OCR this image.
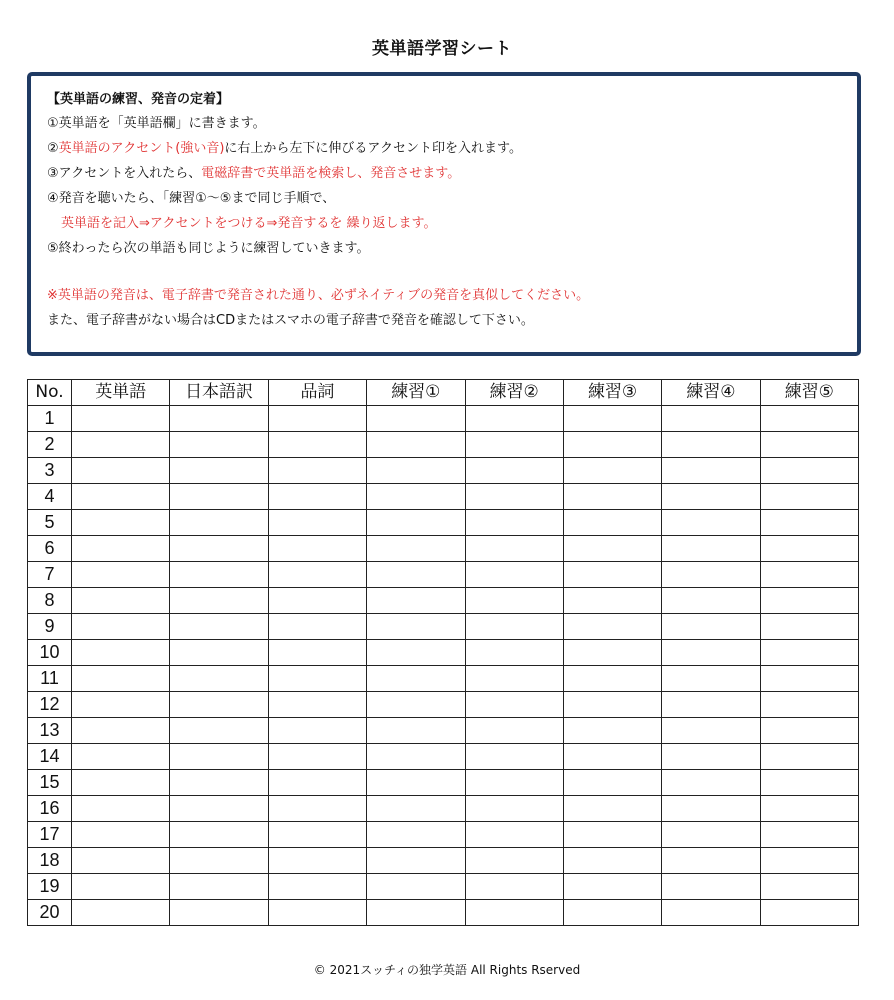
英単語学習シート
【英単語の練習、発音の定着】
①英単語を「英単語欄」に書きます。
②英単語のアクセント(強い音)に右上から左下に伸びるアクセント印を入れます。
③アクセントを入れたら、電磁辞書で英単語を検索し、発音させます。
④発音を聴いたら、「練習①～⑤まで同じ手順で、
英単語を記入⇒アクセントをつける⇒発音するを 繰り返します。
⑤終わったら次の単語も同じように練習していきます。
※英単語の発音は、電子辞書で発音された通り、必ずネイティブの発音を真似してください。
また、電子辞書がない場合はCDまたはスマホの電子辞書で発音を確認して下さい。
No.	英単語	日本語訳	品詞	練習①	練習②	練習③	練習④	練習⑤
1								
2								
3								
4								
5								
6								
7								
8								
9								
10								
11								
12								
13								
14								
15								
16								
17								
18								
19								
20								
© 2021スッチィの独学英語 All Rights Rserved
